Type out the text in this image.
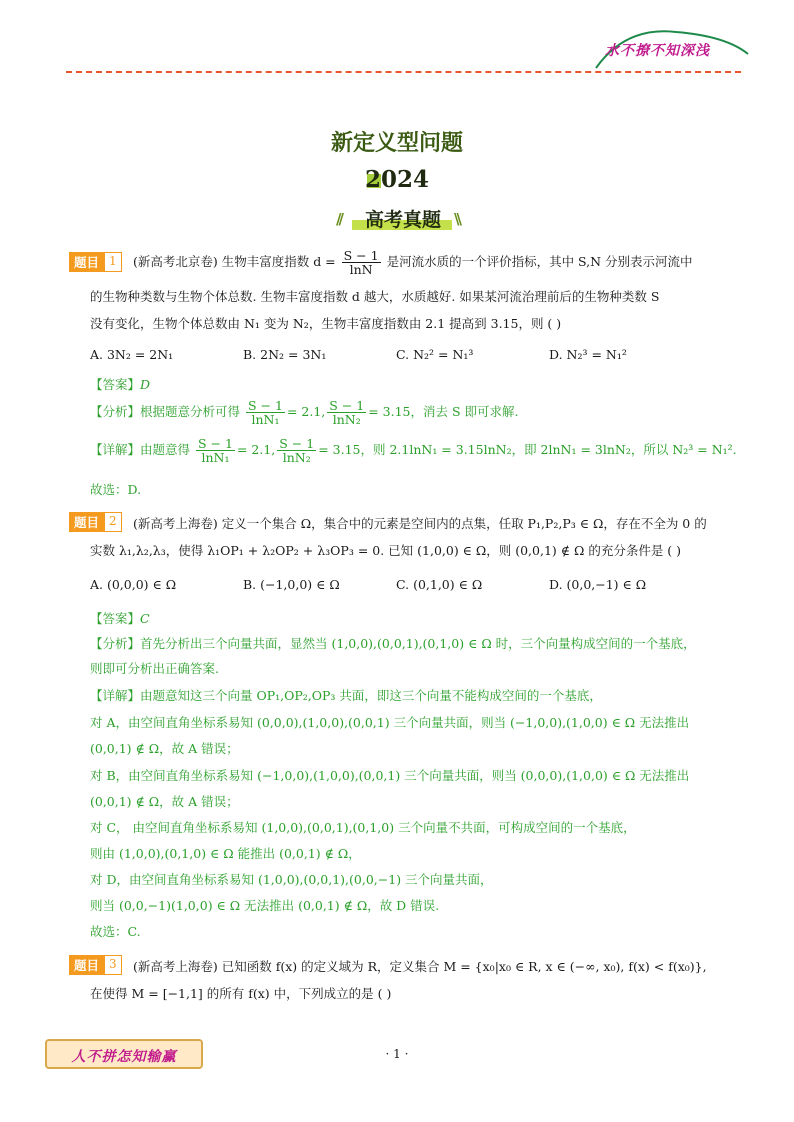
水不撩不知深浅
新定义型问题
2024
//	高考真题 \\
题目 1	(新高考北京卷) 生物丰富度指数 $d = \frac{S - 1}{\ln N}$ 是河流水质的一个评价指标，其中 S,N 分别表示河流中
的生物种类数与生物个体总数. 生物丰富度指数 d 越大，水质越好. 如果某河流治理前后的生物种类数 S
没有变化，生物个体总数由 N₁ 变为 N₂，生物丰富度指数由 2.1 提高到 3.15，则 ( )
A. 3N₂ = 2N₁	B. 2N₂ = 3N₁	C. N₂² = N₁³	D. N₂³ = N₁²
【答案】D
【分析】根据题意分析可得 $\frac{S - 1}{\text{lnN₁}} = 2.1$, $\frac{S - 1}{\text{lnN₂}} = 3.15$，消去 S 即可求解.
【详解】由题意得 $\frac{S - 1}{\text{lnN₁}} = 2.1$, $\frac{S - 1}{\text{lnN₂}} = 3.15$，则 2.1lnN₁ = 3.15lnN₂，即 2lnN₁ = 3lnN₂，所以 N₂³ = N₁².
故选：D.
题目 2	(新高考上海卷) 定义一个集合 Ω，集合中的元素是空间内的点集，任取 P₁,P₂,P₃ ∈ Ω，存在不全为 0 的
实数 λ₁,λ₂,λ₃，使得 λ₁OP₁ + λ₂OP₂ + λ₃OP₃ = 0. 已知 (1,0,0) ∈ Ω，则 (0,0,1) ∉ Ω 的充分条件是 ( )
A. (0,0,0) ∈ Ω	B. (−1,0,0) ∈ Ω	C. (0,1,0) ∈ Ω	D. (0,0,−1) ∈ Ω
【答案】C
【分析】首先分析出三个向量共面，显然当 (1,0,0),(0,0,1),(0,1,0) ∈ Ω 时，三个向量构成空间的一个基底，
则即可分析出正确答案.
【详解】由题意知这三个向量 OP₁,OP₂,OP₃ 共面，即这三个向量不能构成空间的一个基底，
对 A，由空间直角坐标系易知 (0,0,0),(1,0,0),(0,0,1) 三个向量共面，则当 (−1,0,0),(1,0,0) ∈ Ω 无法推出
(0,0,1) ∉ Ω，故 A 错误；
对 B，由空间直角坐标系易知 (−1,0,0),(1,0,0),(0,0,1) 三个向量共面，则当 (0,0,0),(1,0,0) ∈ Ω 无法推出
(0,0,1) ∉ Ω，故 A 错误；
对 C， 由空间直角坐标系易知 (1,0,0),(0,0,1),(0,1,0) 三个向量不共面，可构成空间的一个基底，
则由 (1,0,0),(0,1,0) ∈ Ω 能推出 (0,0,1) ∉ Ω，
对 D，由空间直角坐标系易知 (1,0,0),(0,0,1),(0,0,−1) 三个向量共面，
则当 (0,0,−1)(1,0,0) ∈ Ω 无法推出 (0,0,1) ∉ Ω，故 D 错误.
故选：C.
题目 3	(新高考上海卷) 已知函数 f(x) 的定义域为 R，定义集合 M = {x₀|x₀ ∈ R, x ∈ (−∞, x₀), f(x) < f(x₀)},
在使得 M = [−1,1] 的所有 f(x) 中，下列成立的是 ( )
人不拼怎知输赢	· 1 ·
